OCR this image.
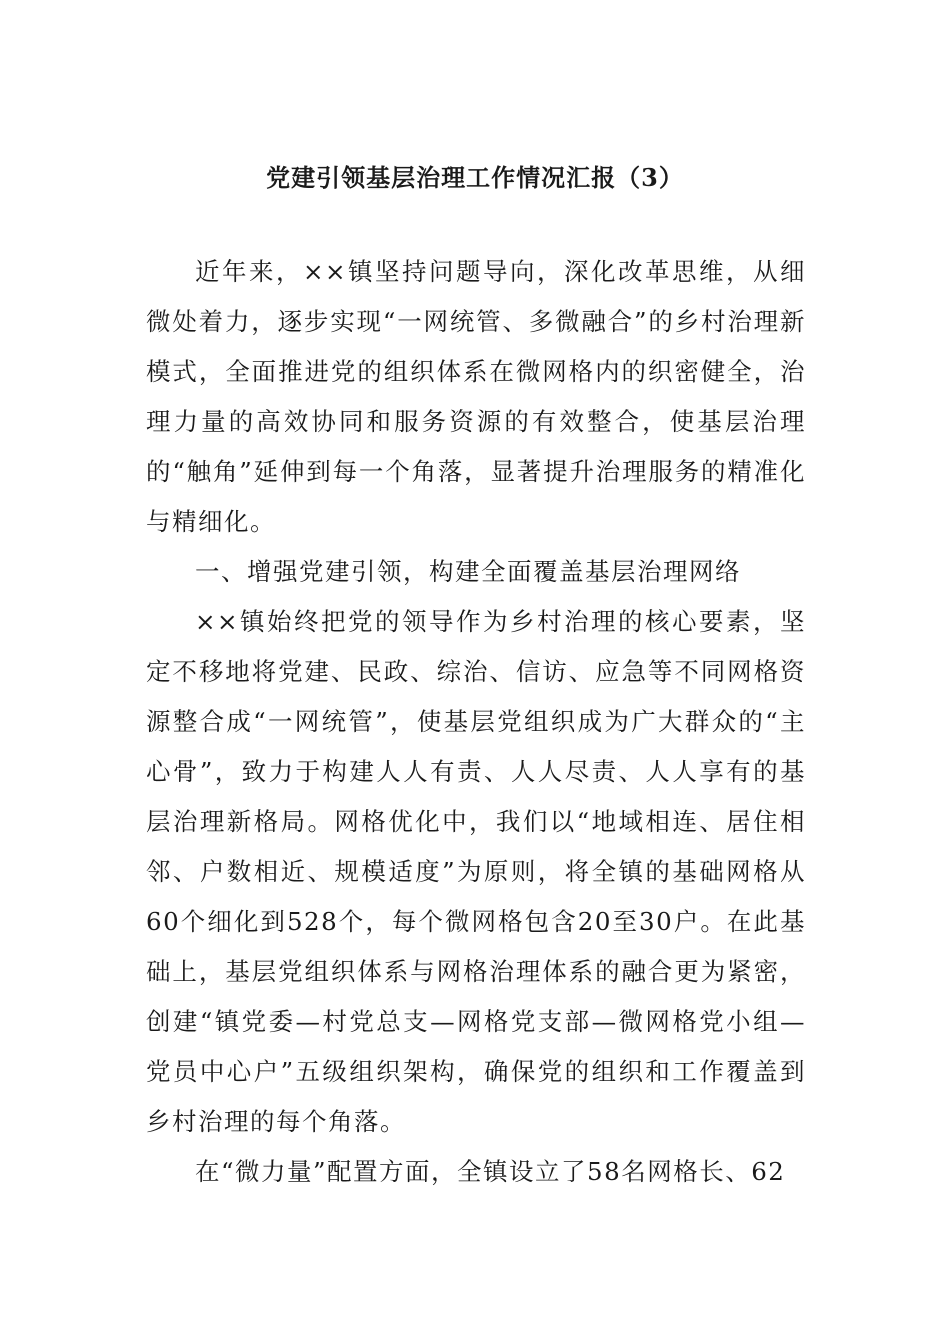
党建引领基层治理工作情况汇报（3）

近年来，××镇坚持问题导向，深化改革思维，从细微处着力，逐步实现“一网统管、多微融合”的乡村治理新模式，全面推进党的组织体系在微网格内的织密健全，治理力量的高效协同和服务资源的有效整合，使基层治理的“触角”延伸到每一个角落，显著提升治理服务的精准化与精细化。

一、增强党建引领，构建全面覆盖基层治理网络

××镇始终把党的领导作为乡村治理的核心要素，坚定不移地将党建、民政、综治、信访、应急等不同网格资源整合成“一网统管”，使基层党组织成为广大群众的“主心骨”，致力于构建人人有责、人人尽责、人人享有的基层治理新格局。网格优化中，我们以“地域相连、居住相邻、户数相近、规模适度”为原则，将全镇的基础网格从60个细化到528个，每个微网格包含20至30户。在此基础上，基层党组织体系与网格治理体系的融合更为紧密，创建“镇党委—村党总支—网格党支部—微网格党小组—党员中心户”五级组织架构，确保党的组织和工作覆盖到乡村治理的每个角落。

在“微力量”配置方面，全镇设立了58名网格长、62
